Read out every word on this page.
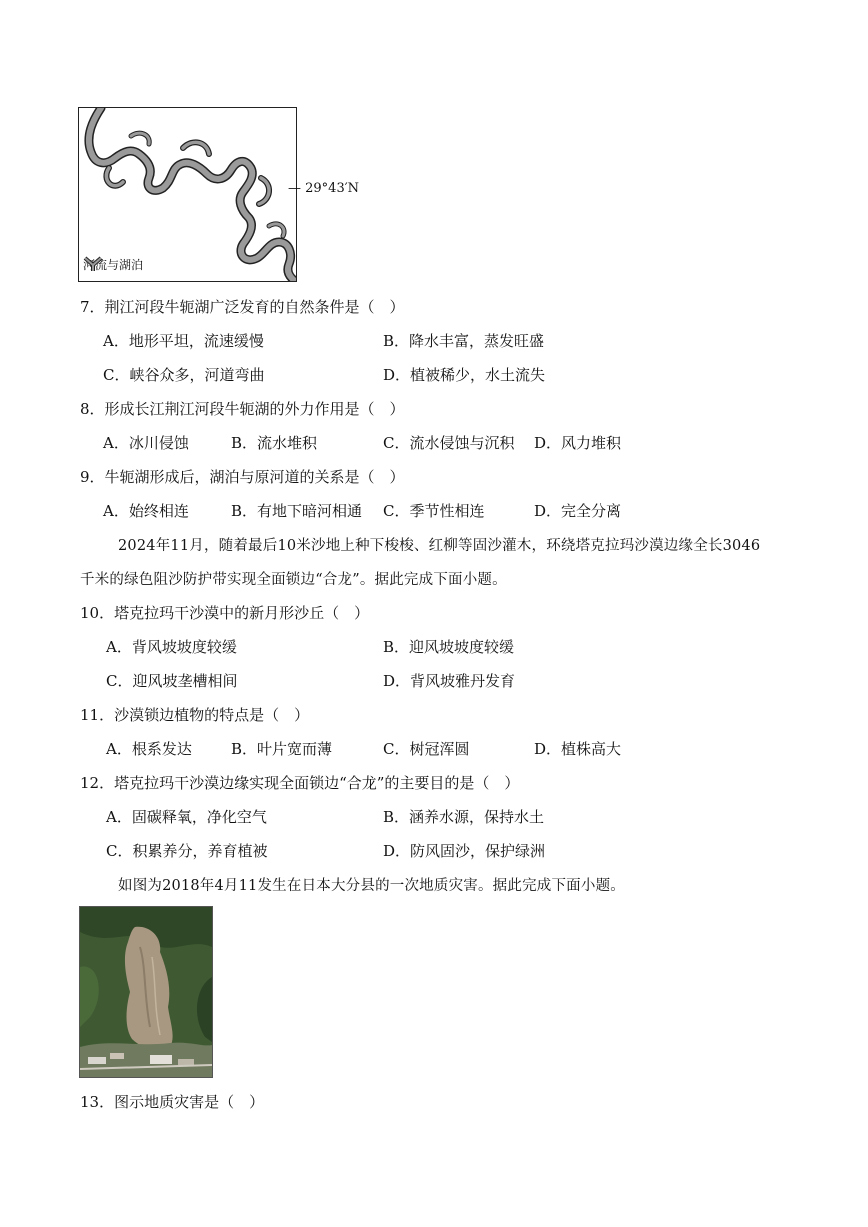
河流与湖泊
— 29°43′N
7．荆江河段牛轭湖广泛发育的自然条件是（　）
A．地形平坦，流速缓慢	B．降水丰富，蒸发旺盛
C．峡谷众多，河道弯曲	D．植被稀少，水土流失
8．形成长江荆江河段牛轭湖的外力作用是（　）
A．冰川侵蚀	B．流水堆积	C．流水侵蚀与沉积 D．风力堆积
9．牛轭湖形成后，湖泊与原河道的关系是（　）
A．始终相连	B．有地下暗河相通 C．季节性相连	D．完全分离
2024年11月，随着最后10米沙地上种下梭梭、红柳等固沙灌木，环绕塔克拉玛沙漠边缘全长3046
千米的绿色阻沙防护带实现全面锁边“合龙”。据此完成下面小题。
10．塔克拉玛干沙漠中的新月形沙丘（　）
A．背风坡坡度较缓	B．迎风坡坡度较缓
C．迎风坡垄槽相间	D．背风坡雅丹发育
11．沙漠锁边植物的特点是（　）
A．根系发达	B．叶片宽而薄	C．树冠浑圆	D．植株高大
12．塔克拉玛干沙漠边缘实现全面锁边“合龙”的主要目的是（　）
A．固碳释氧，净化空气	B．涵养水源，保持水土
C．积累养分，养育植被	D．防风固沙，保护绿洲
如图为2018年4月11发生在日本大分县的一次地质灾害。据此完成下面小题。
13．图示地质灾害是（　）
